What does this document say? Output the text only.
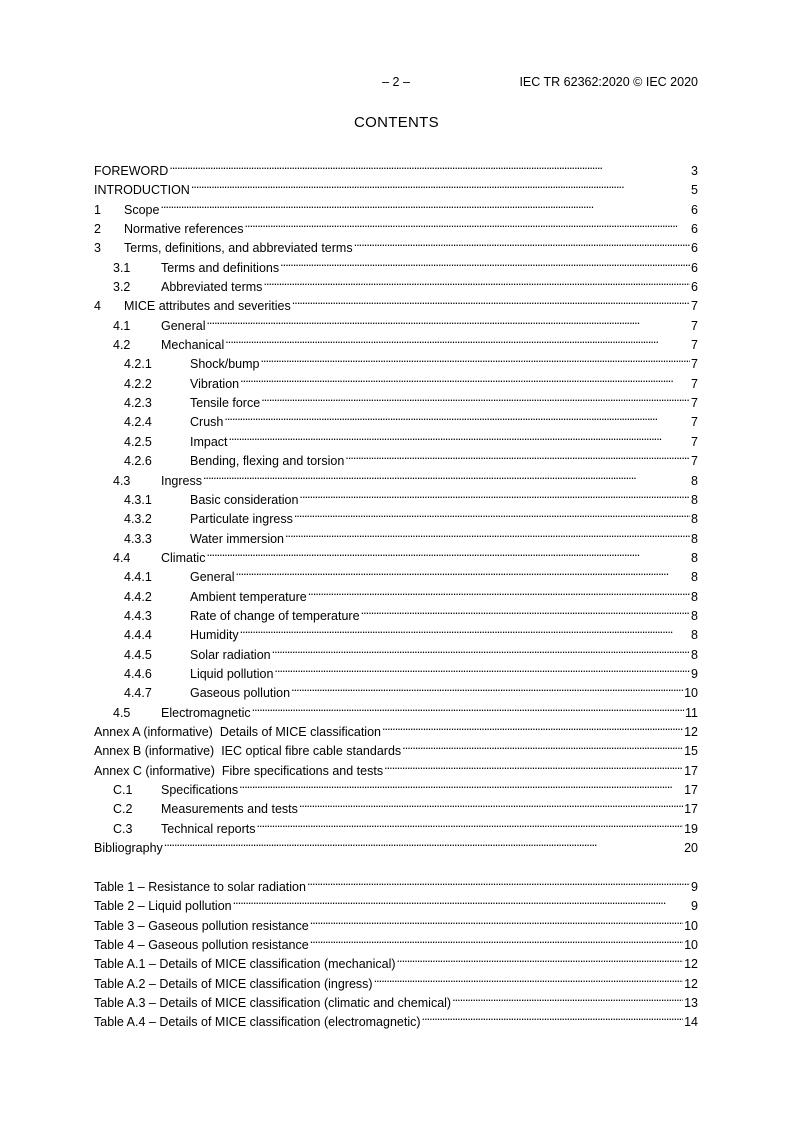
– 2 –	IEC TR 62362:2020 © IEC 2020
CONTENTS
FOREWORD . . .	3
INTRODUCTION . . .	5
1	Scope . . .	6
2	Normative references . . .	6
3	Terms, definitions, and abbreviated terms . . .	6
3.1	Terms and definitions . . .	6
3.2	Abbreviated terms . . .	6
4	MICE attributes and severities . . .	7
4.1	General . . .	7
4.2	Mechanical . . .	7
4.2.1	Shock/bump . . .	7
4.2.2	Vibration . . .	7
4.2.3	Tensile force . . .	7
4.2.4	Crush . . .	7
4.2.5	Impact . . .	7
4.2.6	Bending, flexing and torsion . . .	7
4.3	Ingress . . .	8
4.3.1	Basic consideration . . .	8
4.3.2	Particulate ingress . . .	8
4.3.3	Water immersion . . .	8
4.4	Climatic . . .	8
4.4.1	General . . .	8
4.4.2	Ambient temperature . . .	8
4.4.3	Rate of change of temperature . . .	8
4.4.4	Humidity . . .	8
4.4.5	Solar radiation . . .	8
4.4.6	Liquid pollution . . .	9
4.4.7	Gaseous pollution . . .	10
4.5	Electromagnetic . . .	11
Annex A (informative) Details of MICE classification . . .	12
Annex B (informative) IEC optical fibre cable standards . . .	15
Annex C (informative) Fibre specifications and tests . . .	17
C.1	Specifications . . .	17
C.2	Measurements and tests . . .	17
C.3	Technical reports . . .	19
Bibliography . . .	20
Table 1 – Resistance to solar radiation . . .	9
Table 2 – Liquid pollution . . .	9
Table 3 – Gaseous pollution resistance . . .	10
Table 4 – Gaseous pollution resistance . . .	10
Table A.1 – Details of MICE classification (mechanical) . . .	12
Table A.2 – Details of MICE classification (ingress) . . .	12
Table A.3 – Details of MICE classification (climatic and chemical) . . .	13
Table A.4 – Details of MICE classification (electromagnetic) . . .	14
